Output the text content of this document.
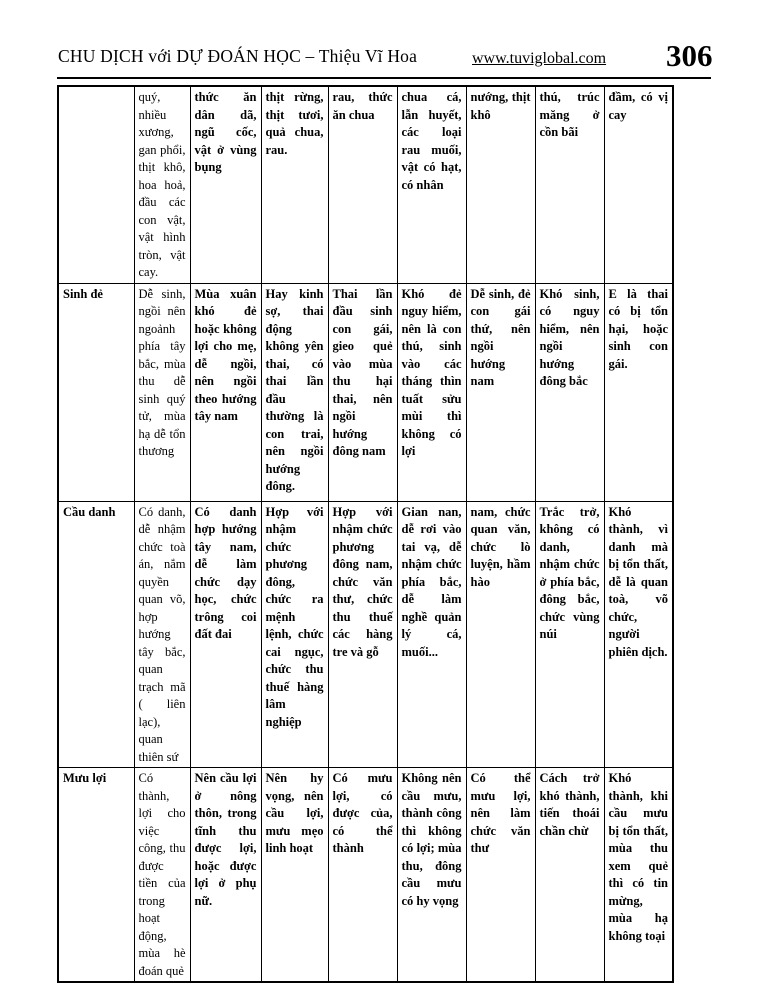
CHU DỊCH với DỰ ĐOÁN HỌC – Thiệu Vĩ Hoa	www.tuviglobal.com 306
	quý, nhiều xương, gan phổi, thịt khô, hoa hoả, đầu các con vật, vật hình tròn, vật cay.	thức ăn dân dã, ngũ cốc, vật ở vùng bụng	thịt rừng, thịt tươi, quả chua, rau.	rau, thức ăn chua	chua cá, lẫn huyết, các loại rau muối, vật có hạt, có nhân	nướng, thịt khô	thú, trúc măng ở cồn bãi	đầm, có vị cay
Sinh đẻ	Dễ sinh, ngồi nên ngoảnh phía tây bắc, mùa thu dễ sinh quý tử, mùa hạ dễ tổn thương	Mùa xuân khó đẻ hoặc không lợi cho mẹ, dễ ngồi, nên ngồi theo hướng tây nam	Hay kinh sợ, thai động không yên thai, có thai lần đầu thường là con trai, nên ngồi hướng đông.	Thai lần đầu sinh con gái, gieo quẻ vào mùa thu hại thai, nên ngồi hướng đông nam	Khó đẻ nguy hiểm, nên là con thú, sinh vào các tháng thìn tuất sửu mùi thì không có lợi	Dễ sinh, đẻ con gái thứ, nên ngồi hướng nam	Khó sinh, có nguy hiểm, nên ngồi hướng đông bắc	E là thai có bị tổn hại, hoặc sinh con gái.
Cầu danh	Có danh, dễ nhậm chức toà án, nắm quyền quan võ, hợp hướng tây bắc, quan trạch mã ( liên lạc), quan thiên sứ	Có danh hợp hướng tây nam, dễ làm chức dạy học, chức trông coi đất đai	Hợp với nhậm chức phương đông, chức ra mệnh lệnh, chức cai ngục, chức thu thuế hàng lâm nghiệp	Hợp với nhậm chức phương đông nam, chức văn thư, chức thu thuế các hàng tre và gỗ	Gian nan, dễ rơi vào tai vạ, dễ nhậm chức phía bắc, dễ làm nghề quản lý cá, muối...	nam, chức quan văn, chức lò luyện, hầm hào	Trắc trở, không có danh, nhậm chức ở phía bắc, đông bắc, chức vùng núi	Khó thành, vì danh mà bị tổn thất, dễ là quan toà, võ chức, người phiên dịch.
Mưu lợi	Có thành, lợi cho việc công, thu được tiền của trong hoạt động, mùa hè đoán quẻ	Nên cầu lợi ở nông thôn, trong tĩnh thu được lợi, hoặc được lợi ở phụ nữ.	Nên hy vọng, nên cầu lợi, mưu mẹo linh hoạt	Có mưu lợi, có được của, có thể thành	Không nên cầu mưu, thành công thì không có lợi; mùa thu, đông cầu mưu có hy vọng	Có thể mưu lợi, nên làm chức văn thư	Cách trở khó thành, tiến thoái chần chừ	Khó thành, khi cầu mưu bị tổn thất, mùa thu xem quẻ thì có tin mừng, mùa hạ không toại
